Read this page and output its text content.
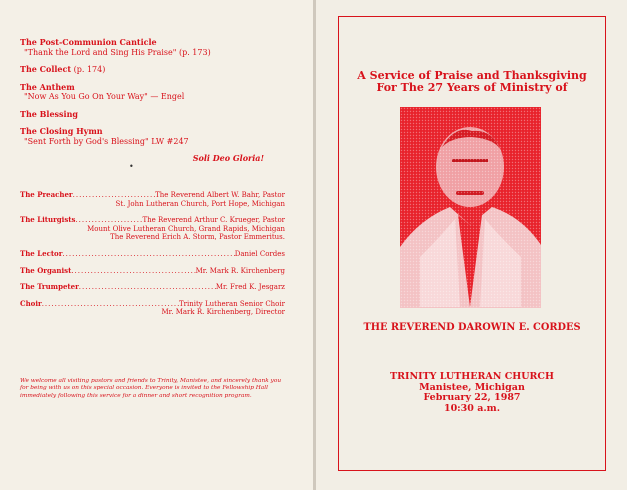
The Post-Communion Canticle
"Thank the Lord and Sing His Praise" (p. 173)
The Collect (p. 174)
The Anthem
"Now As You Go On Your Way" — Engel
The Blessing
The Closing Hymn
"Sent Forth by God's Blessing" LW #247
Soli Deo Gloria!
•
The Preacher .....	The Reverend Albert W. Bahr, Pastor
St. John Lutheran Church, Port Hope, Michigan
The Liturgists .....	The Reverend Arthur C. Krueger, Pastor
Mount Olive Lutheran Church, Grand Rapids, Michigan
The Reverend Erich A. Storm, Pastor Emmeritus.
The Lector .....	Daniel Cordes
The Organist .....	Mr. Mark R. Kirchenberg
The Trumpeter .....	Mr. Fred K. Jesgarz
Choir .....	Trinity Lutheran Senior Choir
Mr. Mark R. Kirchenberg, Director
We welcome all visiting pastors and friends to Trinity, Manistee, and sincerely thank you for being with us on this special occasion. Everyone is invited to the Fellowship Hall immediately following this service for a dinner and short recognition program.
A Service of Praise and Thanksgiving
For The 27 Years of Ministry of
THE REVEREND DAROWIN E. CORDES
TRINITY LUTHERAN CHURCH
Manistee, Michigan
February 22, 1987
10:30 a.m.
